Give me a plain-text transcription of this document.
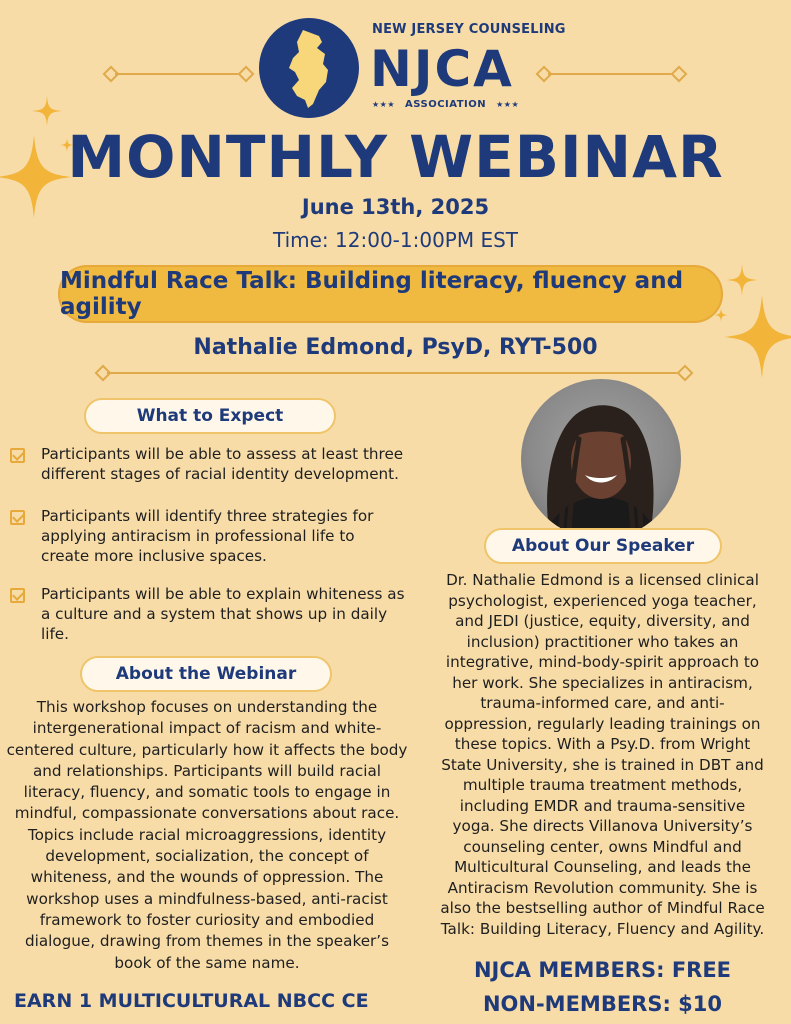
NEW JERSEY COUNSELING
NJCA
★★★ ASSOCIATION ★★★
MONTHLY WEBINAR
June 13th, 2025
Time: 12:00-1:00PM EST
Mindful Race Talk: Building literacy, fluency and agility
Nathalie Edmond, PsyD, RYT-500
What to Expect
Participants will be able to assess at least three different stages of racial identity development.
Participants will identify three strategies for applying antiracism in professional life to create more inclusive spaces.
Participants will be able to explain whiteness as a culture and a system that shows up in daily life.
About the Webinar
This workshop focuses on understanding the intergenerational impact of racism and white-centered culture, particularly how it affects the body and relationships. Participants will build racial literacy, fluency, and somatic tools to engage in mindful, compassionate conversations about race. Topics include racial microaggressions, identity development, socialization, the concept of whiteness, and the wounds of oppression. The workshop uses a mindfulness-based, anti-racist framework to foster curiosity and embodied dialogue, drawing from themes in the speaker’s book of the same name.
EARN 1 MULTICULTURAL NBCC CE
About Our Speaker
Dr. Nathalie Edmond is a licensed clinical psychologist, experienced yoga teacher, and JEDI (justice, equity, diversity, and inclusion) practitioner who takes an integrative, mind-body-spirit approach to her work. She specializes in antiracism, trauma-informed care, and anti-oppression, regularly leading trainings on these topics. With a Psy.D. from Wright State University, she is trained in DBT and multiple trauma treatment methods, including EMDR and trauma-sensitive yoga. She directs Villanova University’s counseling center, owns Mindful and Multicultural Counseling, and leads the Antiracism Revolution community. She is also the bestselling author of Mindful Race Talk: Building Literacy, Fluency and Agility.
NJCA MEMBERS: FREE
NON-MEMBERS: $10
